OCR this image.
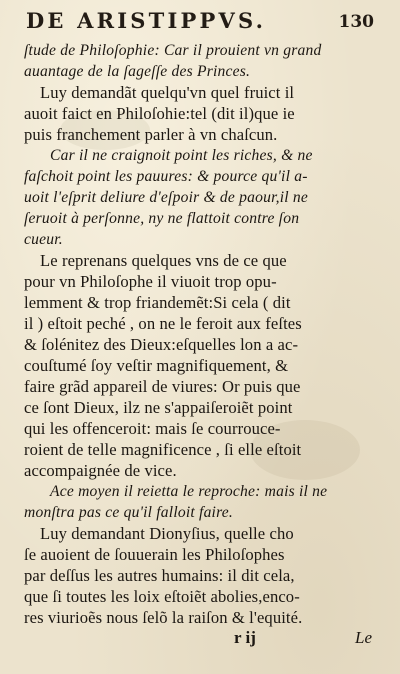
DE ARISTIPPVS.	130
ſtude de Philoſophie: Car il prouient vn grand
auantage de la ſageſſe des Princes.
Luy demandãt quelqu'vn quel fruict il
auoit faict en Philoſohie:tel (dit il)que ie
puis franchement parler à vn chaſcun.
Car il ne craignoit point les riches, & ne
faſchoit point les pauures: & pource qu'il a-
uoit l'eſprit deliure d'eſpoir & de paour,il ne
ſeruoit à perſonne, ny ne flattoit contre ſon
cueur.
Le reprenans quelques vns de ce que
pour vn Philoſophe il viuoit trop opu-
lemment & trop friandemẽt:Si cela ( dit
il ) eſtoit peché , on ne le feroit aux feſtes
& ſolénitez des Dieux:eſquelles lon a ac-
couſtumé ſoy veſtir magnifiquement, &
faire grãd appareil de viures: Or puis que
ce ſont Dieux, ilz ne s'appaiſeroiẽt point
qui les offenceroit: mais ſe courrouce-
roient de telle magnificence , ſi elle eſtoit
accompaignée de vice.
Ace moyen il reietta le reproche: mais il ne
monſtra pas ce qu'il falloit faire.
Luy demandant Dionyſius, quelle cho
ſe auoient de ſouuerain les Philoſophes
par deſſus les autres humains: il dit cela,
que ſi toutes les loix eſtoiẽt abolies,enco-
res viurioẽs nous ſelõ la raiſon & l'equité.
r ij	Le
